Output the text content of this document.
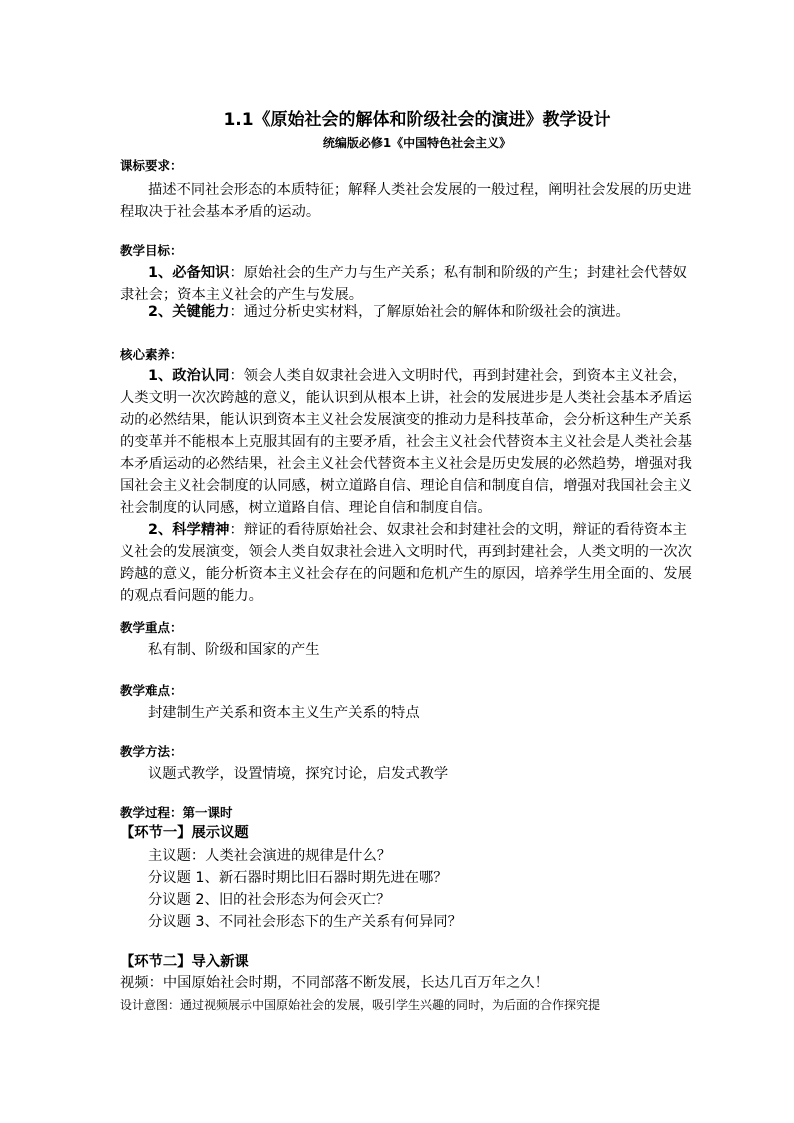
1.1《原始社会的解体和阶级社会的演进》教学设计
统编版必修1《中国特色社会主义》
课标要求：
描述不同社会形态的本质特征；解释人类社会发展的一般过程，阐明社会发展的历史进
程取决于社会基本矛盾的运动。
教学目标：
1、必备知识：原始社会的生产力与生产关系；私有制和阶级的产生；封建社会代替奴
隶社会；资本主义社会的产生与发展。
2、关键能力：通过分析史实材料，了解原始社会的解体和阶级社会的演进。
核心素养：
1、政治认同：领会人类自奴隶社会进入文明时代，再到封建社会，到资本主义社会，
人类文明一次次跨越的意义，能认识到从根本上讲，社会的发展进步是人类社会基本矛盾运
动的必然结果，能认识到资本主义社会发展演变的推动力是科技革命，会分析这种生产关系
的变革并不能根本上克服其固有的主要矛盾，社会主义社会代替资本主义社会是人类社会基
本矛盾运动的必然结果，社会主义社会代替资本主义社会是历史发展的必然趋势，增强对我
国社会主义社会制度的认同感，树立道路自信、理论自信和制度自信，增强对我国社会主义
社会制度的认同感，树立道路自信、理论自信和制度自信。
2、科学精神：辩证的看待原始社会、奴隶社会和封建社会的文明，辩证的看待资本主
义社会的发展演变，领会人类自奴隶社会进入文明时代，再到封建社会，人类文明的一次次
跨越的意义，能分析资本主义社会存在的问题和危机产生的原因，培养学生用全面的、发展
的观点看问题的能力。
教学重点：
私有制、阶级和国家的产生
教学难点：
封建制生产关系和资本主义生产关系的特点
教学方法：
议题式教学，设置情境，探究讨论，启发式教学
教学过程：第一课时
【环节一】展示议题
主议题：人类社会演进的规律是什么？
分议题 1、新石器时期比旧石器时期先进在哪？
分议题 2、旧的社会形态为何会灭亡？
分议题 3、不同社会形态下的生产关系有何异同？
【环节二】导入新课
视频：中国原始社会时期，不同部落不断发展，长达几百万年之久！
设计意图：通过视频展示中国原始社会的发展，吸引学生兴趣的同时，为后面的合作探究提
